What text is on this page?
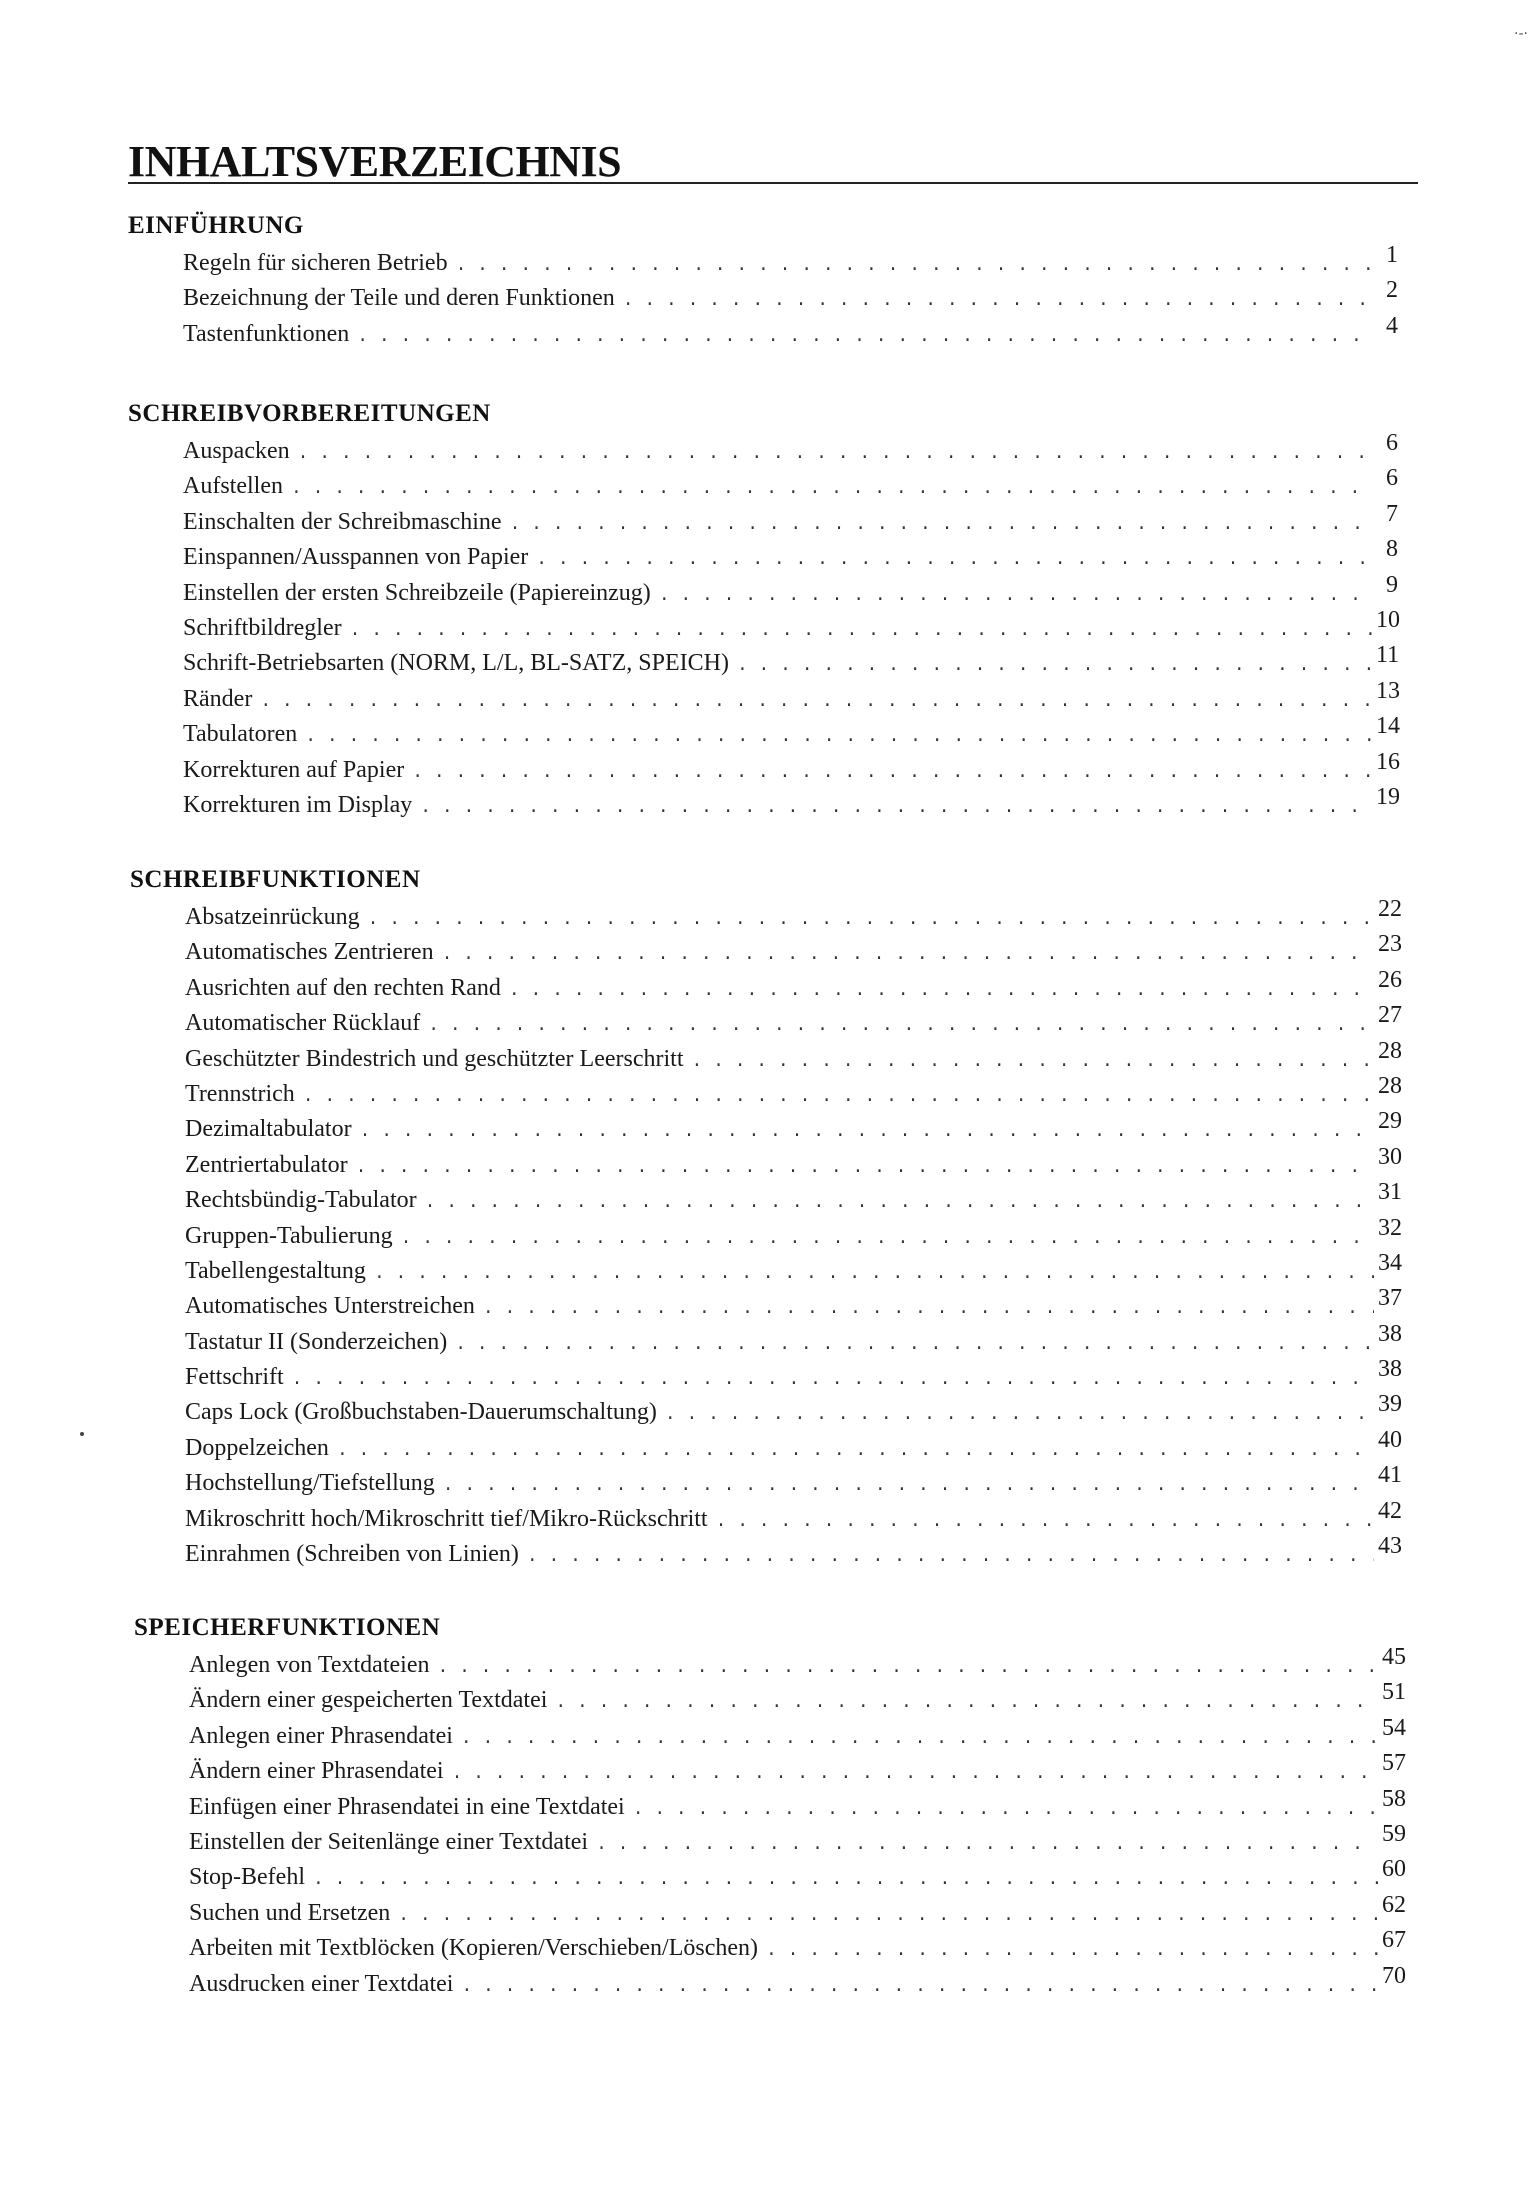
·-·
INHALTSVERZEICHNIS
EINFÜHRUNG
Regeln für sicheren Betrieb . . .	1
Bezeichnung der Teile und deren Funktionen . . .	2
Tastenfunktionen . . .	4
SCHREIBVORBEREITUNGEN
Auspacken . . .	6
Aufstellen . . .	6
Einschalten der Schreibmaschine . . .	7
Einspannen/Ausspannen von Papier . . .	8
Einstellen der ersten Schreibzeile (Papiereinzug) . . .	9
Schriftbildregler . . .	10
Schrift-Betriebsarten (NORM, L/L, BL-SATZ, SPEICH) . . .	11
Ränder . . .	13
Tabulatoren . . .	14
Korrekturen auf Papier . . .	16
Korrekturen im Display . . .	19
SCHREIBFUNKTIONEN
Absatzeinrückung . . .	22
Automatisches Zentrieren . . .	23
Ausrichten auf den rechten Rand . . .	26
Automatischer Rücklauf . . .	27
Geschützter Bindestrich und geschützter Leerschritt . . .	28
Trennstrich . . .	28
Dezimaltabulator . . .	29
Zentriertabulator . . .	30
Rechtsbündig-Tabulator . . .	31
Gruppen-Tabulierung . . .	32
Tabellengestaltung . . .	34
Automatisches Unterstreichen . . .	37
Tastatur II (Sonderzeichen) . . .	38
Fettschrift . . .	38
Caps Lock (Großbuchstaben-Dauerumschaltung) . . .	39
Doppelzeichen . . .	40
Hochstellung/Tiefstellung . . .	41
Mikroschritt hoch/Mikroschritt tief/Mikro-Rückschritt . . .	42
Einrahmen (Schreiben von Linien) . . .	43
SPEICHERFUNKTIONEN
Anlegen von Textdateien . . .	45
Ändern einer gespeicherten Textdatei . . .	51
Anlegen einer Phrasendatei . . .	54
Ändern einer Phrasendatei . . .	57
Einfügen einer Phrasendatei in eine Textdatei . . .	58
Einstellen der Seitenlänge einer Textdatei . . .	59
Stop-Befehl . . .	60
Suchen und Ersetzen . . .	62
Arbeiten mit Textblöcken (Kopieren/Verschieben/Löschen) . . .	67
Ausdrucken einer Textdatei . . .	70
